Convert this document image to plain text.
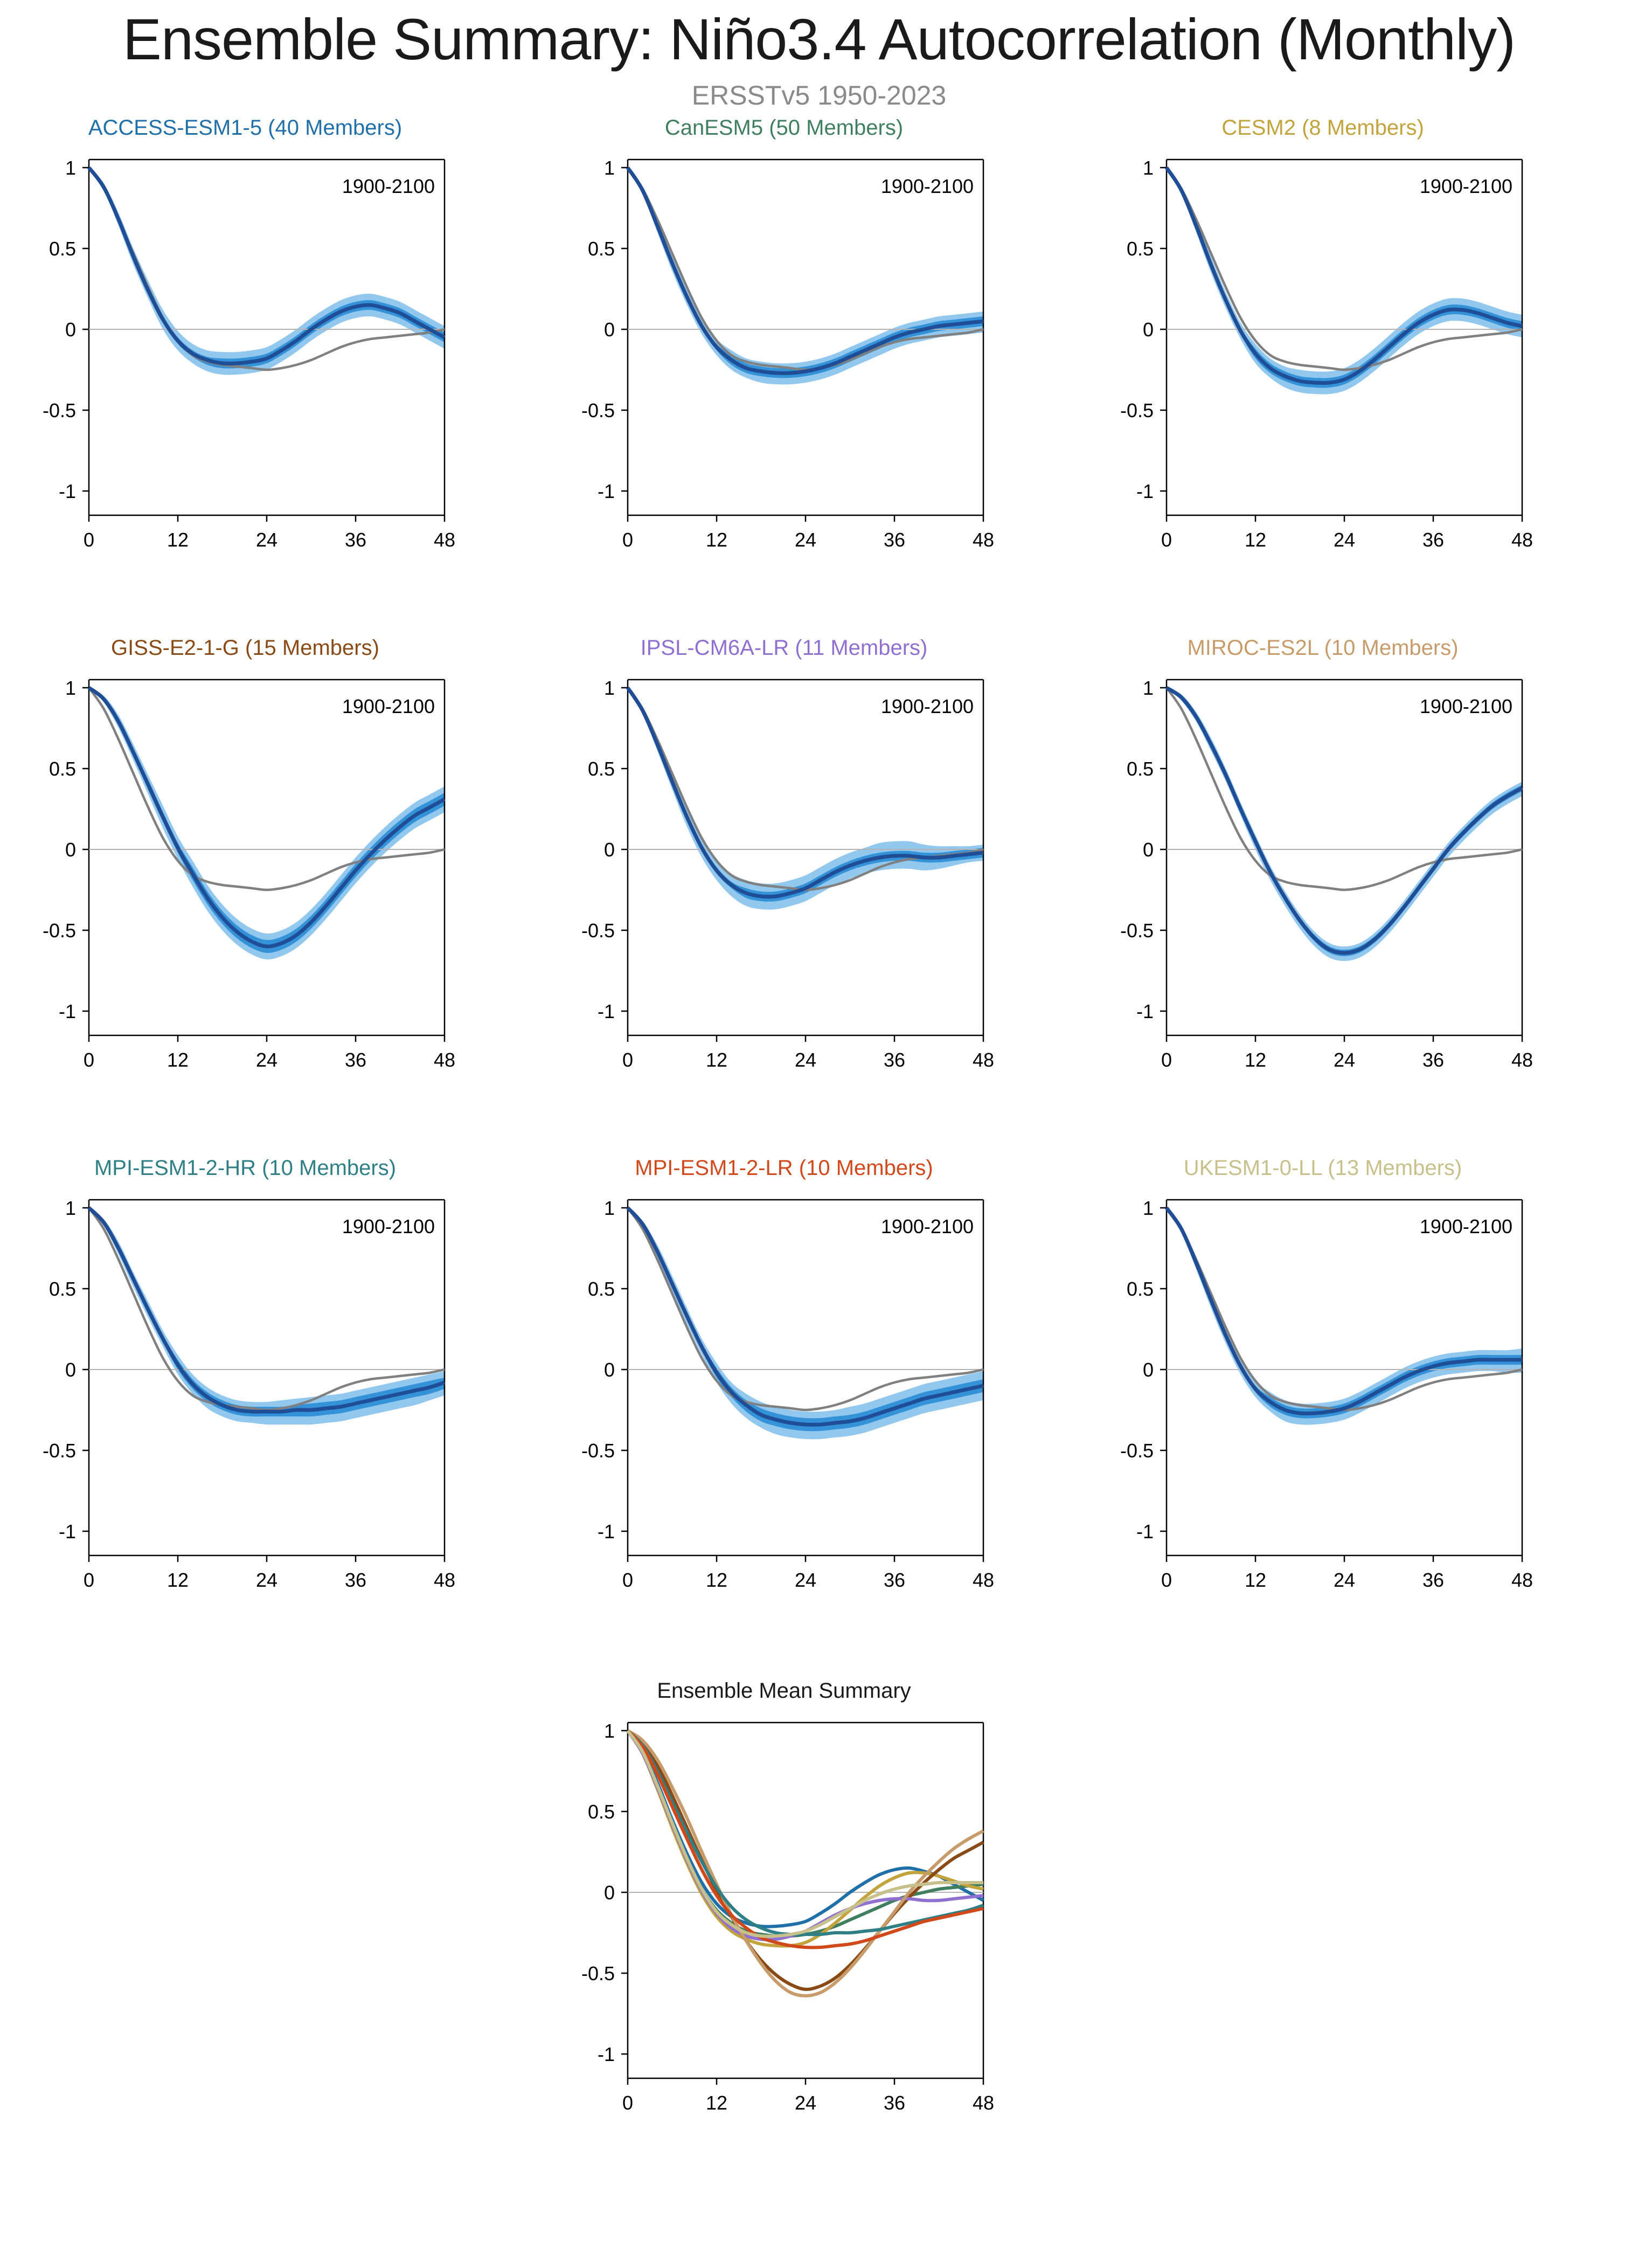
Ensemble Summary: Niño3.4 Autocorrelation (Monthly)
ERSSTv5 1950-2023
ACCESS-ESM1-5 (40 Members)
0	12	24	36	48
-1
-0.5
0
0.5
1
1900-2100
CanESM5 (50 Members)
0	12	24	36	48
-1
-0.5
0
0.5
1
1900-2100
CESM2 (8 Members)
0	12	24	36	48
-1
-0.5
0
0.5
1
1900-2100
GISS-E2-1-G (15 Members)
0	12	24	36	48
-1
-0.5
0
0.5
1
1900-2100
IPSL-CM6A-LR (11 Members)
0	12	24	36	48
-1
-0.5
0
0.5
1
1900-2100
MIROC-ES2L (10 Members)
0	12	24	36	48
-1
-0.5
0
0.5
1
1900-2100
MPI-ESM1-2-HR (10 Members)
0	12	24	36	48
-1
-0.5
0
0.5
1
1900-2100
MPI-ESM1-2-LR (10 Members)
0	12	24	36	48
-1
-0.5
0
0.5
1
1900-2100
UKESM1-0-LL (13 Members)
0	12	24	36	48
-1
-0.5
0
0.5
1
1900-2100
Ensemble Mean Summary
0	12	24	36	48
-1
-0.5
0
0.5
1
